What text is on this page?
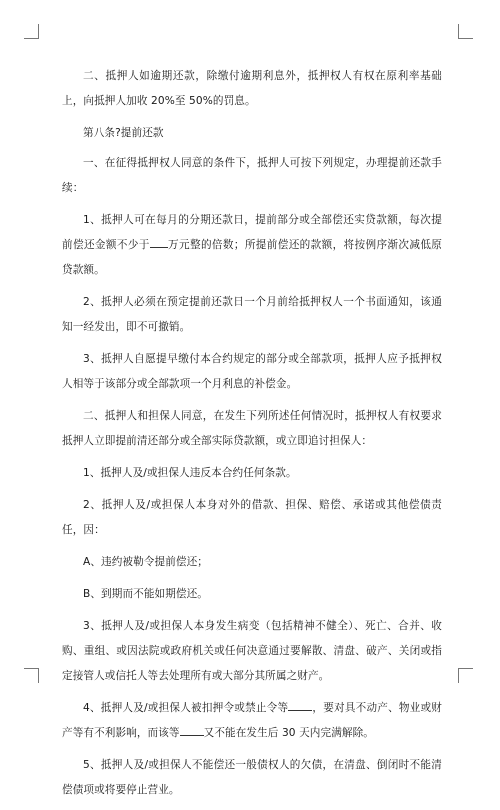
二、抵押人如逾期还款，除缴付逾期利息外，抵押权人有权在原利率基础上，向抵押人加收 20%至 50%的罚息。

第八条?提前还款

一、在征得抵押权人同意的条件下，抵押人可按下列规定，办理提前还款手续：

1、抵押人可在每月的分期还款日，提前部分或全部偿还实贷款额，每次提前偿还金额不少于 万元整的倍数；所提前偿还的款额，将按例序渐次减低原贷款额。

2、抵押人必须在预定提前还款日一个月前给抵押权人一个书面通知，该通知一经发出，即不可撤销。

3、抵押人自愿提早缴付本合约规定的部分或全部款项，抵押人应予抵押权人相等于该部分或全部款项一个月利息的补偿金。

二、抵押人和担保人同意，在发生下列所述任何情况时，抵押权人有权要求抵押人立即提前清还部分或全部实际贷款额，或立即追讨担保人：

1、抵押人及/或担保人违反本合约任何条款。

2、抵押人及/或担保人本身对外的借款、担保、赔偿、承诺或其他偿债责任，因：

A、违约被勒令提前偿还；

B、到期而不能如期偿还。

3、抵押人及/或担保人本身发生病变（包括精神不健全）、死亡、合并、收购、重组、或因法院或政府机关或任何决意通过要解散、清盘、破产、关闭或指定接管人或信托人等去处理所有或大部分其所属之财产。

4、抵押人及/或担保人被扣押令或禁止令等 ，要对具不动产、物业或财产等有不利影响，而该等 又不能在发生后 30 天内完满解除。

5、抵押人及/或担保人不能偿还一般债权人的欠债，在清盘、倒闭时不能清偿债项或将要停止营业。
